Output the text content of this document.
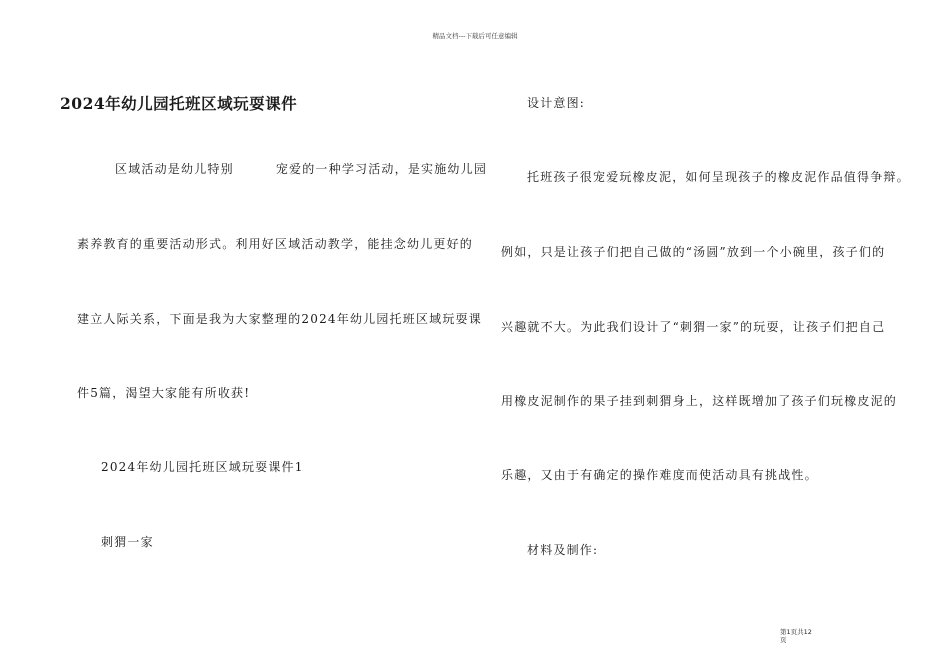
精品文档---下载后可任意编辑
2024年幼儿园托班区域玩耍课件
区域活动是幼儿特别	宠爱的一种学习活动，是实施幼儿园
素养教育的重要活动形式。利用好区域活动教学，能挂念幼儿更好的
建立人际关系，下面是我为大家整理的2024年幼儿园托班区域玩耍课
件5篇，渴望大家能有所收获!
2024年幼儿园托班区域玩耍课件1
刺猬一家
设计意图:
托班孩子很宠爱玩橡皮泥，如何呈现孩子的橡皮泥作品值得争辩。
例如，只是让孩子们把自己做的“汤圆”放到一个小碗里，孩子们的
兴趣就不大。为此我们设计了“刺猬一家”的玩耍，让孩子们把自己
用橡皮泥制作的果子挂到刺猬身上，这样既增加了孩子们玩橡皮泥的
乐趣，又由于有确定的操作难度而使活动具有挑战性。
材料及制作:
第1页共12
页
